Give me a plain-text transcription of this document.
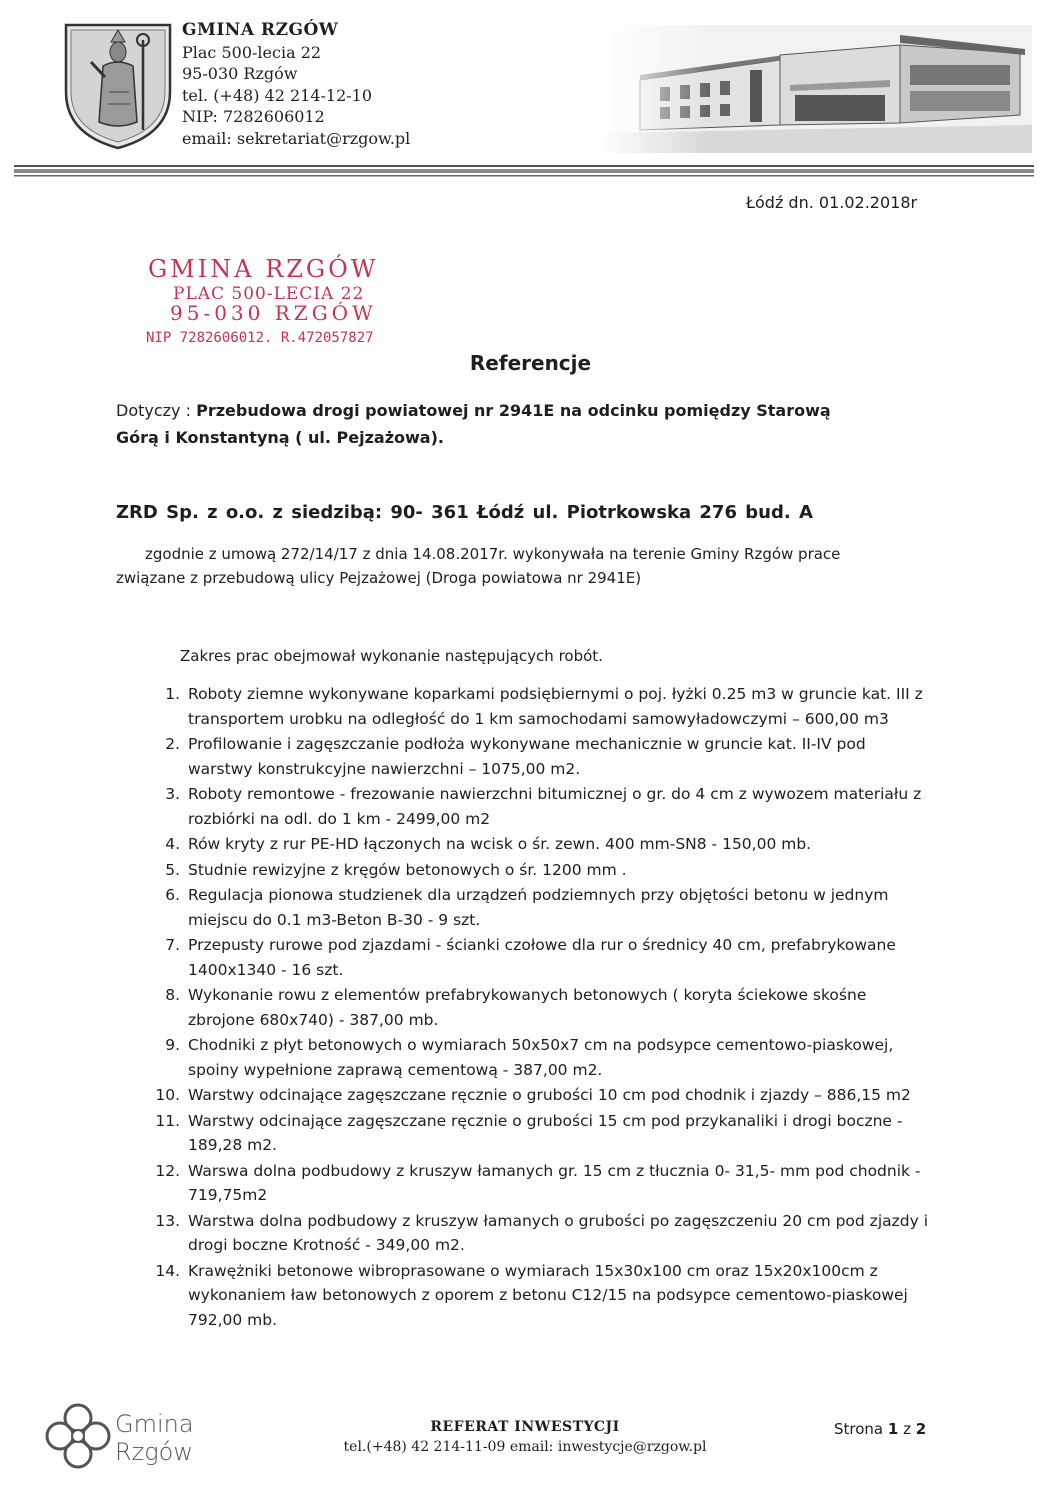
GMINA RZGÓW
Plac 500-lecia 22
95-030 Rzgów
tel. (+48) 42 214-12-10
NIP: 7282606012
email: sekretariat@rzgow.pl
Łódź dn. 01.02.2018r
GMINA RZGÓW
PLAC 500-LECIA 22
95-030 RZGÓW
NIP 7282606012. R.472057827
Referencje
Dotyczy : Przebudowa drogi powiatowej nr 2941E na odcinku pomiędzy Starową Górą i Konstantyną ( ul. Pejzażowa).
ZRD Sp. z o.o. z siedzibą: 90- 361 Łódź ul. Piotrkowska 276 bud. A
zgodnie z umową 272/14/17 z dnia 14.08.2017r. wykonywała na terenie Gminy Rzgów prace
związane z przebudową ulicy Pejzażowej (Droga powiatowa nr 2941E)
Zakres prac obejmował wykonanie następujących robót.
1. Roboty ziemne wykonywane koparkami podsiębiernymi o poj. łyżki 0.25 m3 w gruncie kat. III z transportem urobku na odległość do 1 km samochodami samowyładowczymi – 600,00 m3
2. Profilowanie i zagęszczanie podłoża wykonywane mechanicznie w gruncie kat. II-IV pod warstwy konstrukcyjne nawierzchni – 1075,00 m2.
3. Roboty remontowe - frezowanie nawierzchni bitumicznej o gr. do 4 cm z wywozem materiału z rozbiórki na odl. do 1 km - 2499,00 m2
4. Rów kryty z rur PE-HD łączonych na wcisk o śr. zewn. 400 mm-SN8 - 150,00 mb.
5. Studnie rewizyjne z kręgów betonowych o śr. 1200 mm .
6. Regulacja pionowa studzienek dla urządzeń podziemnych przy objętości betonu w jednym miejscu do 0.1 m3-Beton B-30 - 9 szt.
7. Przepusty rurowe pod zjazdami - ścianki czołowe dla rur o średnicy 40 cm, prefabrykowane 1400x1340 - 16 szt.
8. Wykonanie rowu z elementów prefabrykowanych betonowych ( koryta ściekowe skośne zbrojone 680x740) - 387,00 mb.
9. Chodniki z płyt betonowych o wymiarach 50x50x7 cm na podsypce cementowo-piaskowej, spoiny wypełnione zaprawą cementową - 387,00 m2.
10. Warstwy odcinające zagęszczane ręcznie o grubości 10 cm pod chodnik i zjazdy – 886,15 m2
11. Warstwy odcinające zagęszczane ręcznie o grubości 15 cm pod przykanaliki i drogi boczne - 189,28 m2.
12. Warswa dolna podbudowy z kruszyw łamanych gr. 15 cm z tłucznia 0- 31,5- mm pod chodnik - 719,75m2
13. Warstwa dolna podbudowy z kruszyw łamanych o grubości po zagęszczeniu 20 cm pod zjazdy i drogi boczne Krotność - 349,00 m2.
14. Krawężniki betonowe wibroprasowane o wymiarach 15x30x100 cm oraz 15x20x100cm z wykonaniem ław betonowych z oporem z betonu C12/15 na podsypce cementowo-piaskowej 792,00 mb.
Gmina
Rzgów
REFERAT INWESTYCJI
tel.(+48) 42 214-11-09 email: inwestycje@rzgow.pl
Strona 1 z 2
